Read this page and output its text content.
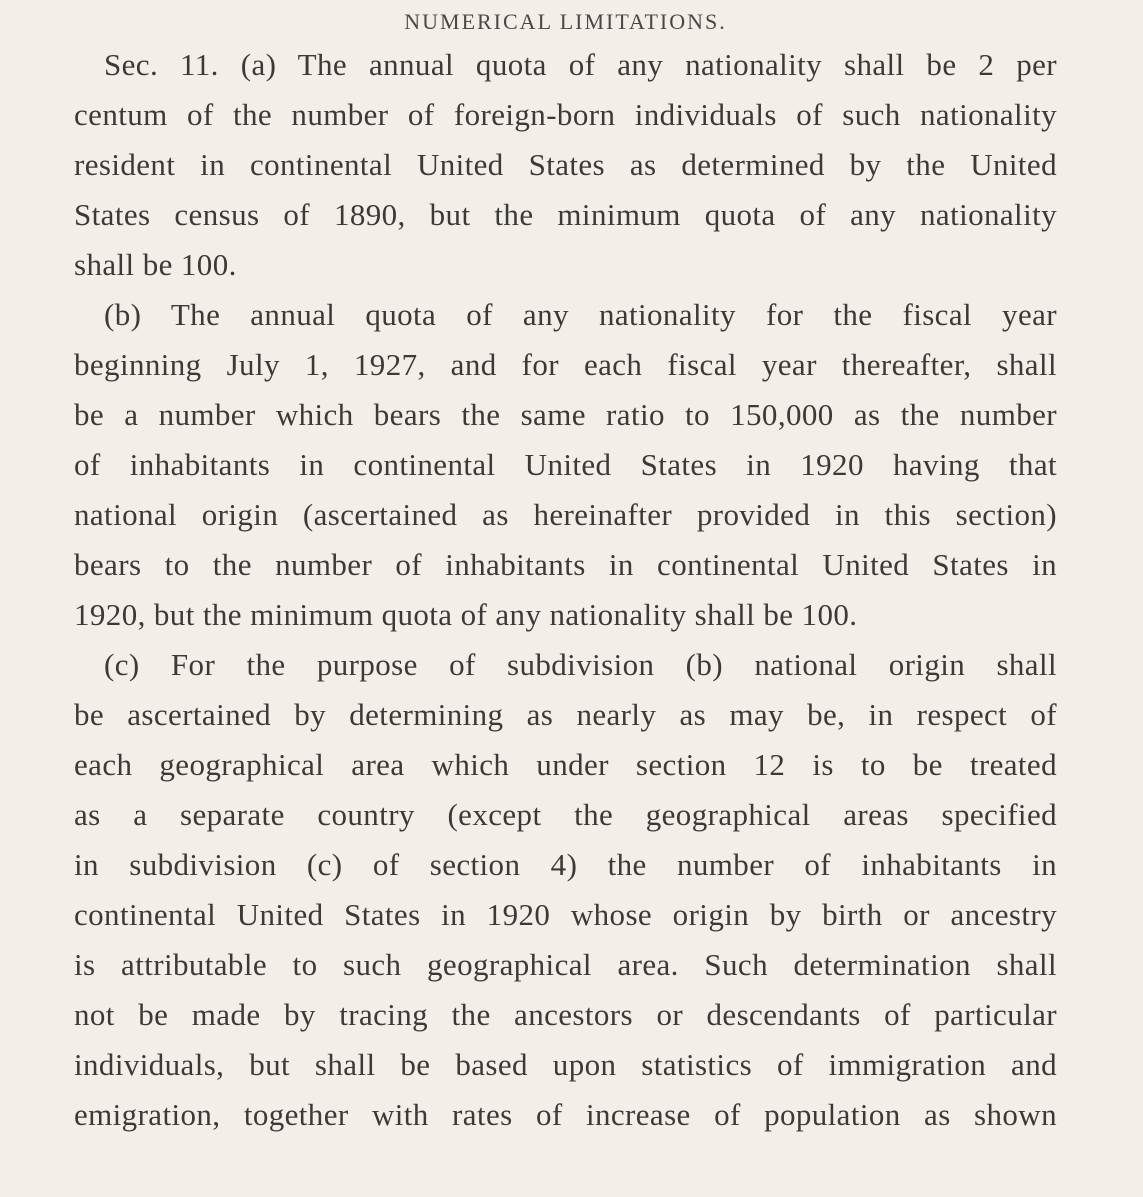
NUMERICAL LIMITATIONS.
Sec. 11. (a) The annual quota of any nationality shall be 2 per
centum of the number of foreign-born individuals of such nationality
resident in continental United States as determined by the United
States census of 1890, but the minimum quota of any nationality
shall be 100.
(b) The annual quota of any nationality for the fiscal year
beginning July 1, 1927, and for each fiscal year thereafter, shall
be a number which bears the same ratio to 150,000 as the number
of inhabitants in continental United States in 1920 having that
national origin (ascertained as hereinafter provided in this section)
bears to the number of inhabitants in continental United States in
1920, but the minimum quota of any nationality shall be 100.
(c) For the purpose of subdivision (b) national origin shall
be ascertained by determining as nearly as may be, in respect of
each geographical area which under section 12 is to be treated
as a separate country (except the geographical areas specified
in subdivision (c) of section 4) the number of inhabitants in
continental United States in 1920 whose origin by birth or ancestry
is attributable to such geographical area. Such determination shall
not be made by tracing the ancestors or descendants of particular
individuals, but shall be based upon statistics of immigration and
emigration, together with rates of increase of population as shown
